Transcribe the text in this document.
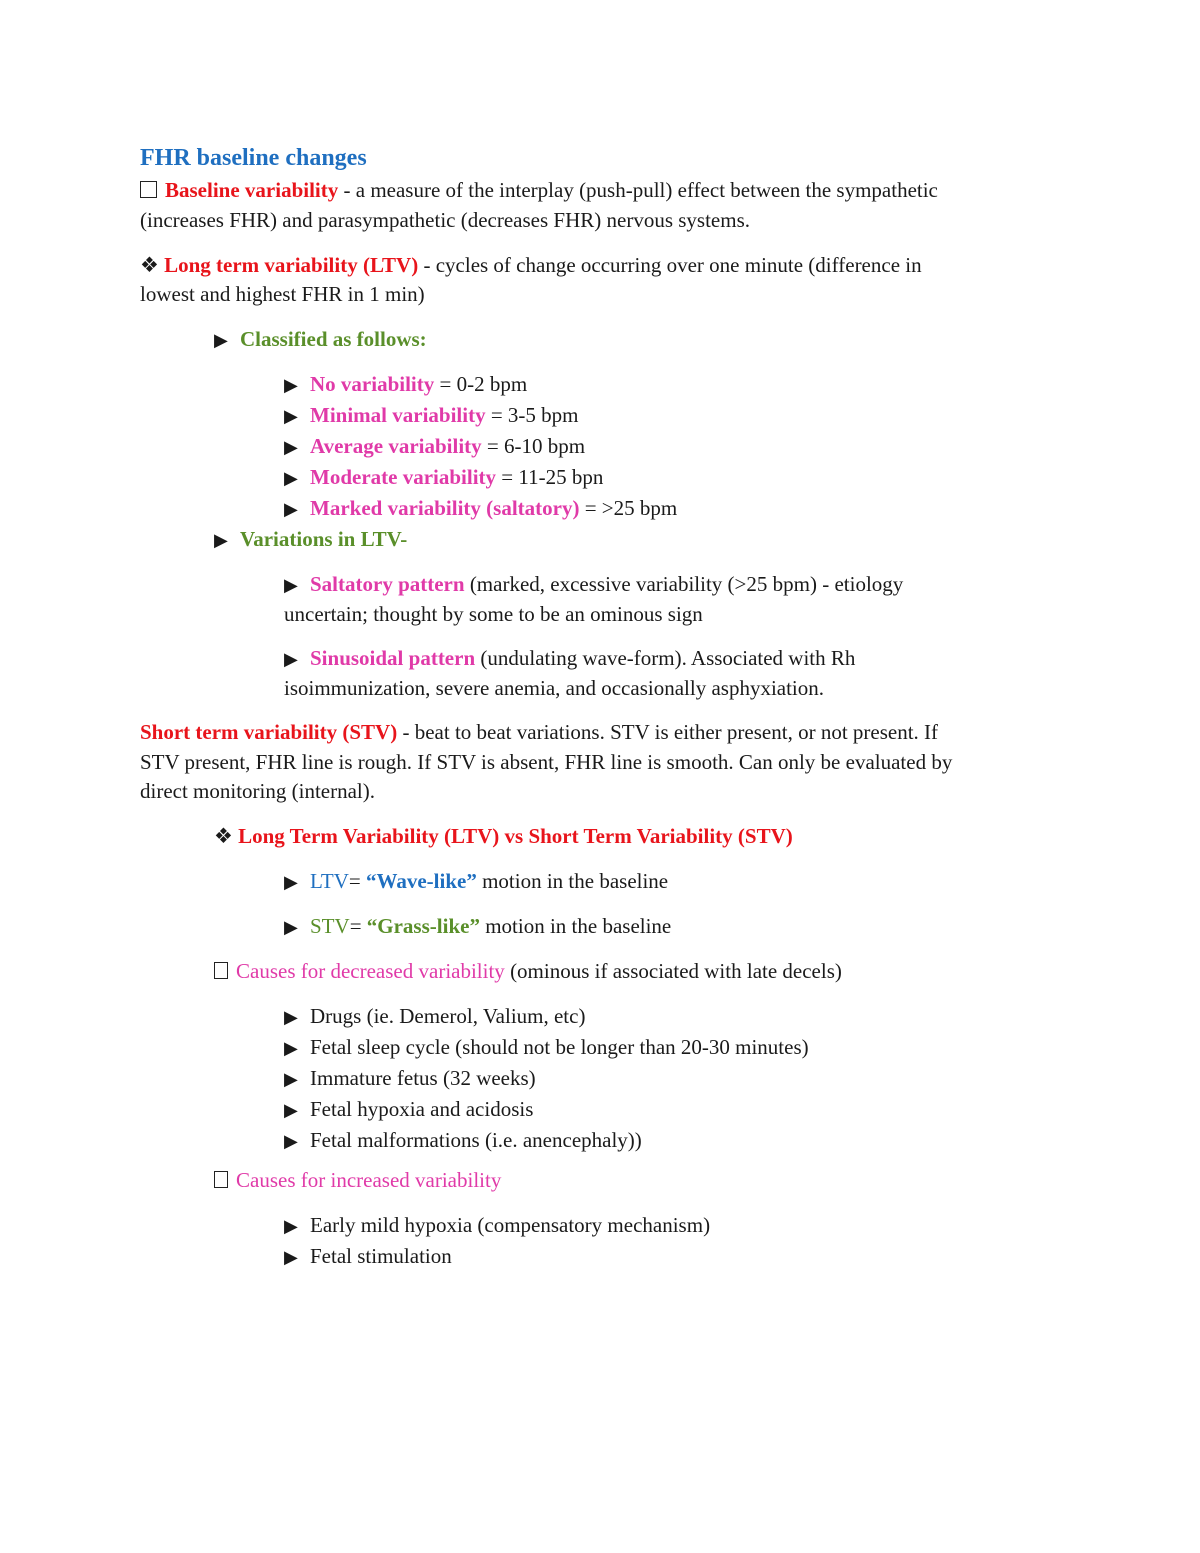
FHR baseline changes
Baseline variability - a measure of the interplay (push-pull) effect between the sympathetic
(increases FHR) and parasympathetic (decreases FHR) nervous systems.
❖ Long term variability (LTV) - cycles of change occurring over one minute (difference in
lowest and highest FHR in 1 min)
▶ Classified as follows:
▶ No variability = 0-2 bpm
▶ Minimal variability = 3-5 bpm
▶ Average variability = 6-10 bpm
▶ Moderate variability = 11-25 bpn
▶ Marked variability (saltatory) = >25 bpm
▶ Variations in LTV-
▶ Saltatory pattern (marked, excessive variability (>25 bpm) - etiology
uncertain; thought by some to be an ominous sign
▶ Sinusoidal pattern (undulating wave-form). Associated with Rh
isoimmunization, severe anemia, and occasionally asphyxiation.
Short term variability (STV) - beat to beat variations. STV is either present, or not present. If
STV present, FHR line is rough. If STV is absent, FHR line is smooth. Can only be evaluated by
direct monitoring (internal).
❖ Long Term Variability (LTV) vs Short Term Variability (STV)
▶ LTV= “Wave-like” motion in the baseline
▶ STV= “Grass-like” motion in the baseline
Causes for decreased variability (ominous if associated with late decels)
▶ Drugs (ie. Demerol, Valium, etc)
▶ Fetal sleep cycle (should not be longer than 20-30 minutes)
▶ Immature fetus (32 weeks)
▶ Fetal hypoxia and acidosis
▶ Fetal malformations (i.e. anencephaly))
Causes for increased variability
▶ Early mild hypoxia (compensatory mechanism)
▶ Fetal stimulation
